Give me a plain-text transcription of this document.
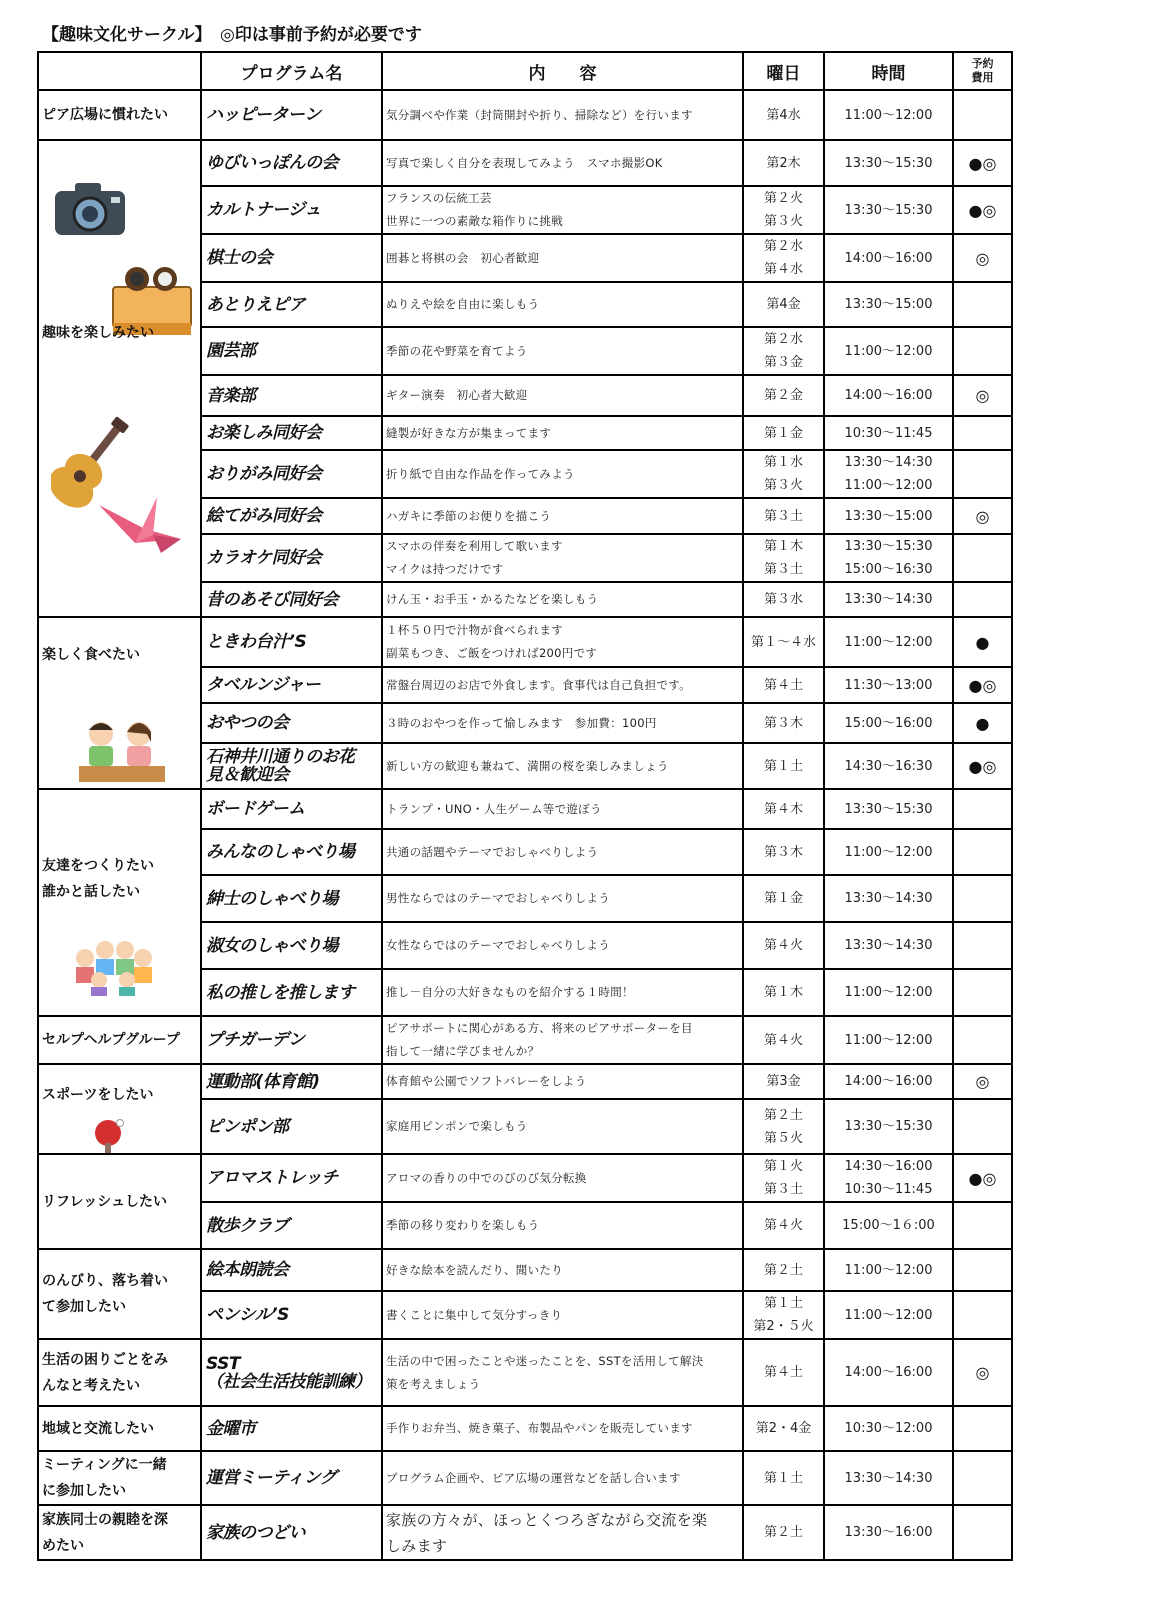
【趣味文化サークル】　◎印は事前予約が必要です
	プログラム名	内　　容	曜日	時間	予約
費用

ピア広場に慣れたい	ハッピーターン	気分調べや作業（封筒開封や折り、掃除など）を行います	第4水	11:00～12:00	

趣味を楽しみたい	ゆびいっぽんの会	写真で楽しく自分を表現してみよう　スマホ撮影OK	第2木	13:30～15:30	●◎

	カルトナージュ	フランスの伝統工芸
世界に一つの素敵な箱作りに挑戦	第２火
第３火	13:30～15:30	●◎

	棋士の会	囲碁と将棋の会　初心者歓迎	第２水
第４水	14:00～16:00	◎

	あとりえピア	ぬりえや絵を自由に楽しもう	第4金	13:30～15:00	

	園芸部	季節の花や野菜を育てよう	第２水
第３金	11:00～12:00	

	音楽部	ギター演奏　初心者大歓迎	第２金	14:00～16:00	◎

	お楽しみ同好会	縫製が好きな方が集まってます	第１金	10:30～11:45	

	おりがみ同好会	折り紙で自由な作品を作ってみよう	第１水
第３火	13:30～14:30
11:00～12:00	

	絵てがみ同好会	ハガキに季節のお便りを描こう	第３土	13:30～15:00	◎

	カラオケ同好会	スマホの伴奏を利用して歌います
マイクは持つだけです	第１木
第３土	13:30～15:30
15:00～16:30	

	昔のあそび同好会	けん玉・お手玉・かるたなどを楽しもう	第３水	13:30～14:30	

楽しく食べたい	ときわ台汁’S	１杯５０円で汁物が食べられます
副菜もつき、ご飯をつければ200円です	第１～４水	11:00～12:00	●

	タベルンジャー	常盤台周辺のお店で外食します。食事代は自己負担です。	第４土	11:30～13:00	●◎

	おやつの会	３時のおやつを作って愉しみます　参加費：100円	第３木	15:00～16:00	●

	石神井川通りのお花
見＆歓迎会	新しい方の歓迎も兼ねて、満開の桜を楽しみましょう	第１土	14:30～16:30	●◎

友達をつくりたい
誰かと話したい	ボードゲーム	トランプ・UNO・人生ゲーム等で遊ぼう	第４木	13:30～15:30	

	みんなのしゃべり場	共通の話題やテーマでおしゃべりしよう	第３木	11:00～12:00	

	紳士のしゃべり場	男性ならではのテーマでおしゃべりしよう	第１金	13:30～14:30	

	淑女のしゃべり場	女性ならではのテーマでおしゃべりしよう	第４火	13:30～14:30	

	私の推しを推します	推し－自分の大好きなものを紹介する１時間！	第１木	11:00～12:00	

セルプヘルプグループ	プチガーデン	ピアサポートに関心がある方、将来のピアサポーターを目
指して一緒に学びませんか？	第４火	11:00～12:00	

スポーツをしたい	運動部(体育館)	体育館や公園でソフトバレーをしよう	第3金	14:00～16:00	◎

	ピンポン部	家庭用ピンポンで楽しもう	第２土
第５火	13:30～15:30	

リフレッシュしたい	アロマストレッチ	アロマの香りの中でのびのび気分転換	第１火
第３土	14:30～16:00
10:30～11:45	●◎

	散歩クラブ	季節の移り変わりを楽しもう	第４火	15:00～1６:00	

のんびり、落ち着い
て参加したい	絵本朗読会	好きな絵本を読んだり、聞いたり	第２土	11:00～12:00	

	ペンシル’S	書くことに集中して気分すっきり	第１土
第2・５火	11:00～12:00	

生活の困りごとをみ
んなと考えたい	SST
（社会生活技能訓練）	生活の中で困ったことや迷ったことを、SSTを活用して解決
策を考えましょう	第４土	14:00～16:00	◎

地域と交流したい	金曜市	手作りお弁当、焼き菓子、布製品やパンを販売しています	第2・4金	10:30～12:00	

ミーティングに一緒
に参加したい	運営ミーティング	プログラム企画や、ピア広場の運営などを話し合います	第１土	13:30～14:30	

家族同士の親睦を深
めたい	家族のつどい	家族の方々が、ほっとくつろぎながら交流を楽
しみます	第２土	13:30～16:00	
